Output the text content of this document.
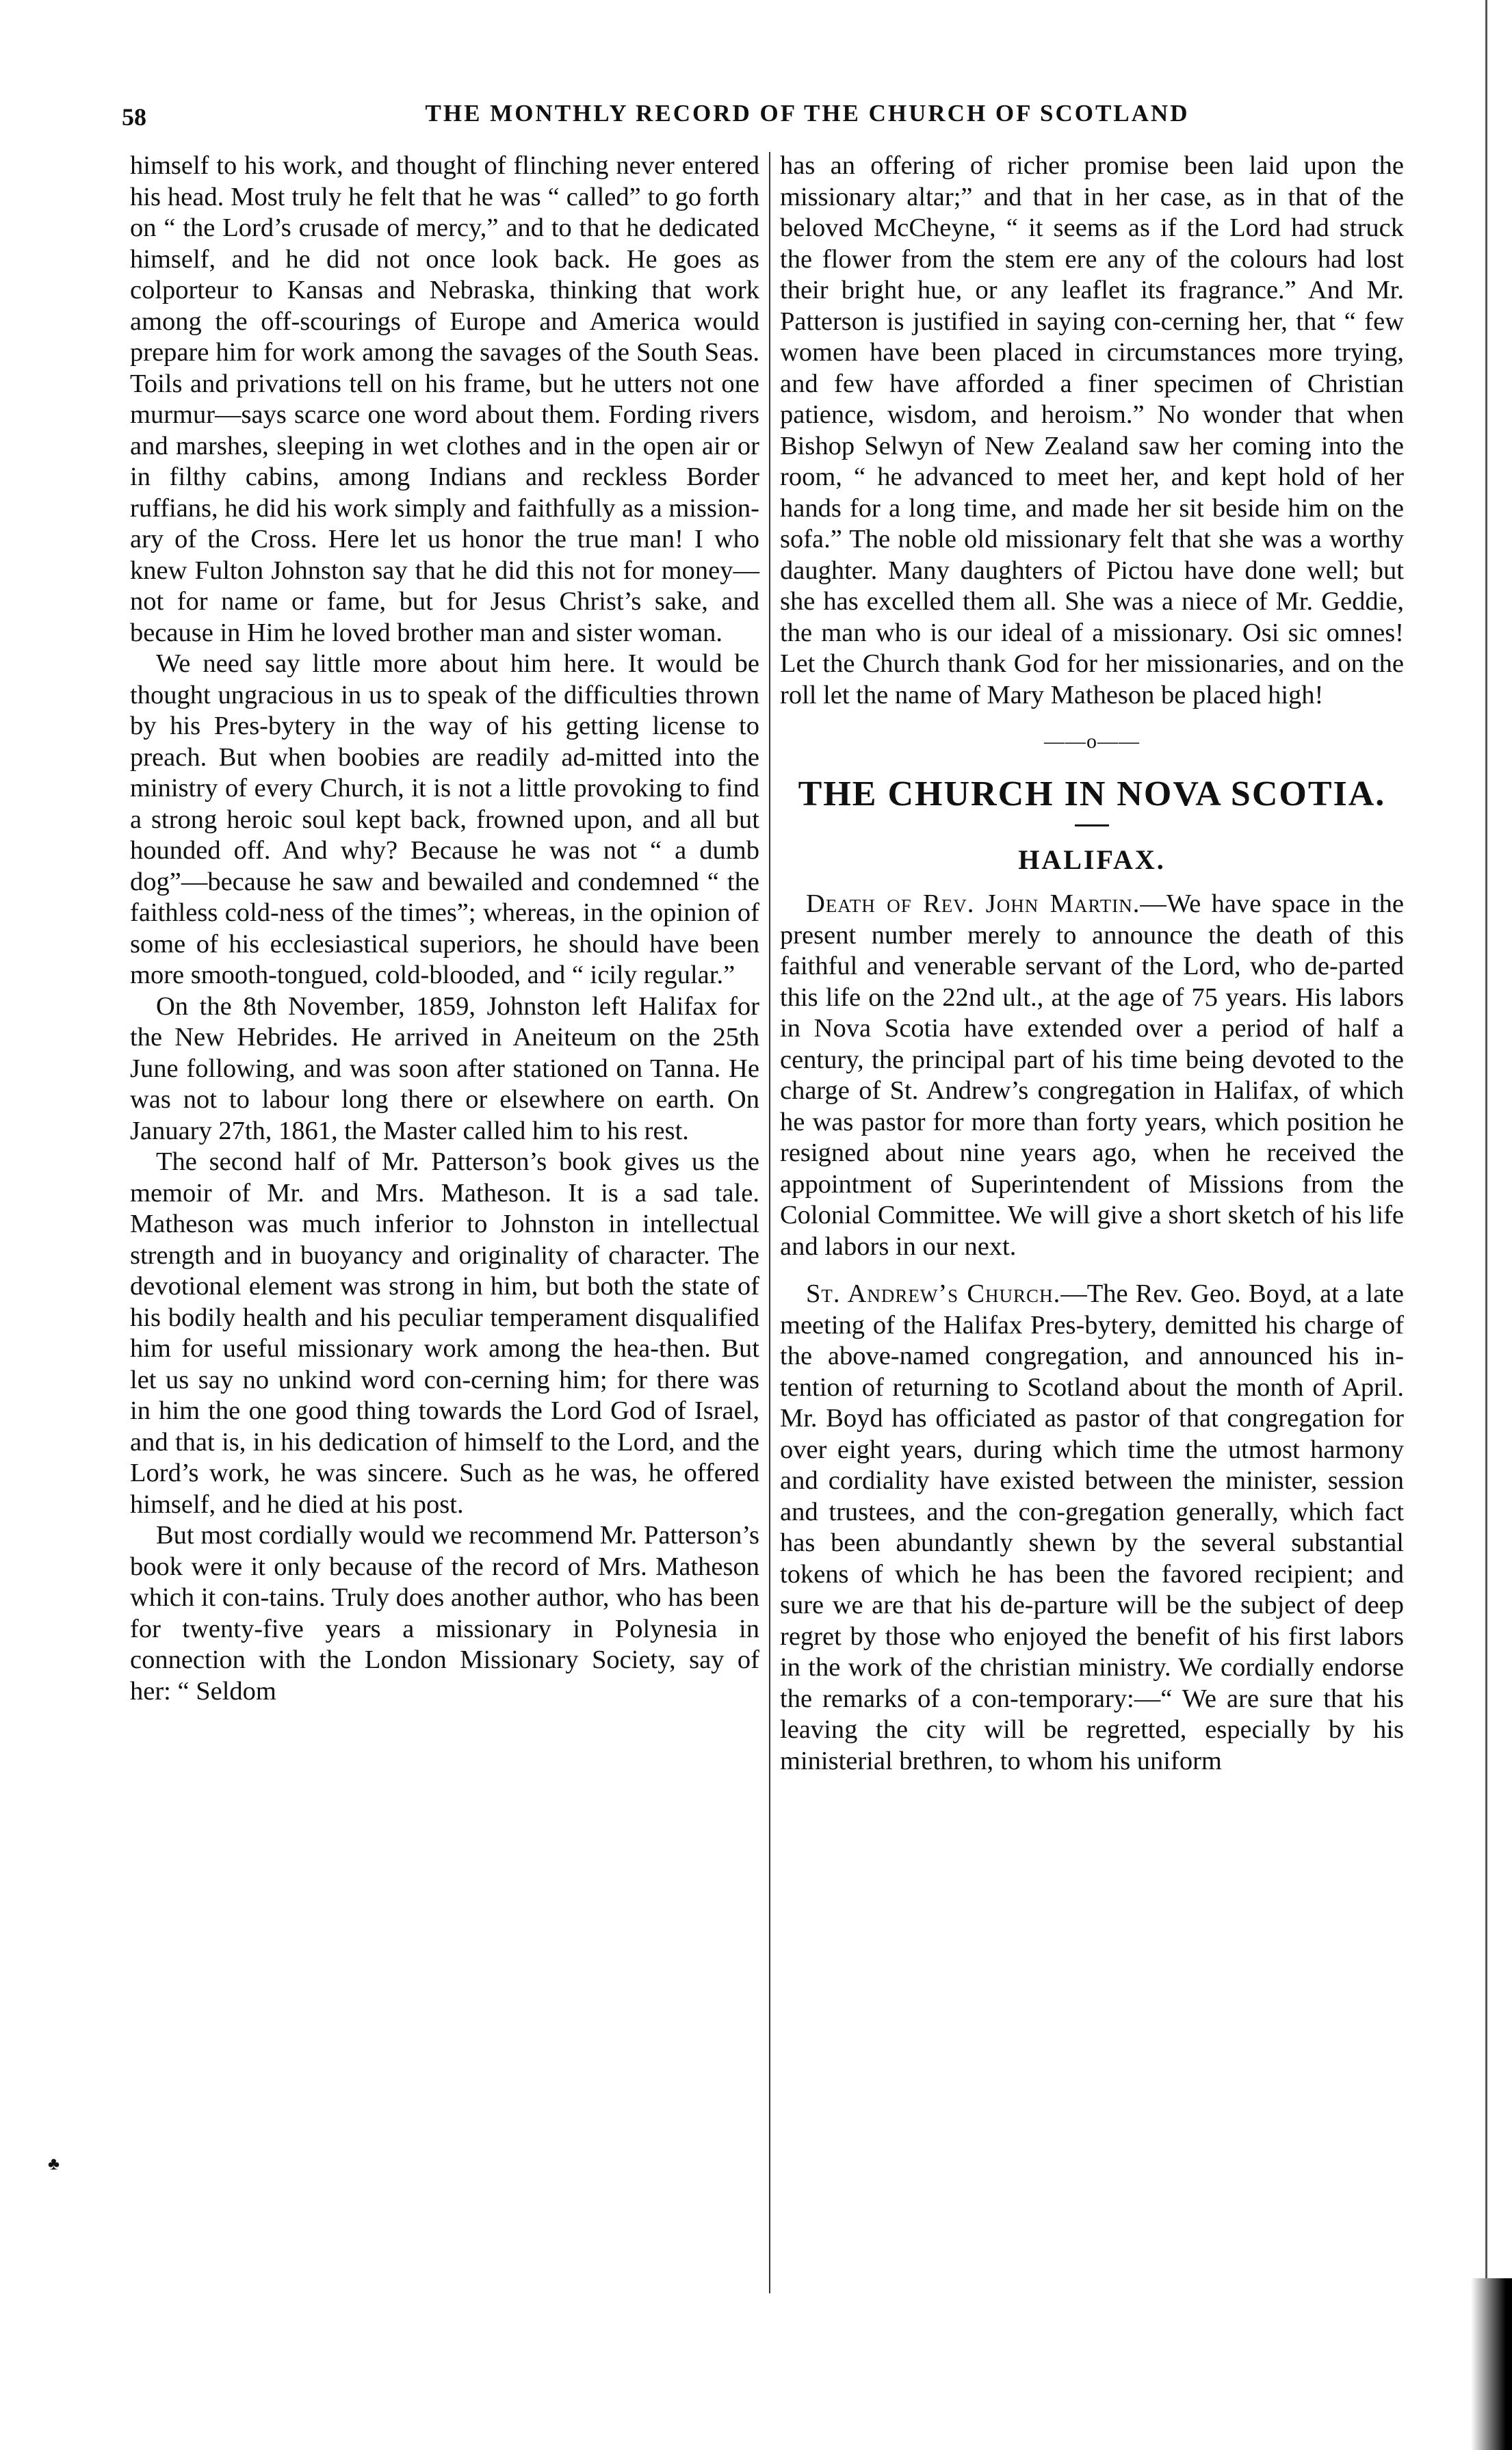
58	THE MONTHLY RECORD OF THE CHURCH OF SCOTLAND

himself to his work, and thought of flinching never entered his head. Most truly he felt that he was “ called” to go forth on “ the Lord’s crusade of mercy,” and to that he dedicated himself, and he did not once look back. He goes as colporteur to Kansas and Nebraska, thinking that work among the off-scourings of Europe and America would prepare him for work among the savages of the South Seas. Toils and privations tell on his frame, but he utters not one murmur—says scarce one word about them. Fording rivers and marshes, sleeping in wet clothes and in the open air or in filthy cabins, among Indians and reckless Border ruffians, he did his work simply and faithfully as a mission-ary of the Cross. Here let us honor the true man! I who knew Fulton Johnston say that he did this not for money—not for name or fame, but for Jesus Christ’s sake, and because in Him he loved brother man and sister woman.

We need say little more about him here. It would be thought ungracious in us to speak of the difficulties thrown by his Pres-bytery in the way of his getting license to preach. But when boobies are readily ad-mitted into the ministry of every Church, it is not a little provoking to find a strong heroic soul kept back, frowned upon, and all but hounded off. And why? Because he was not “ a dumb dog”—because he saw and bewailed and condemned “ the faithless cold-ness of the times”; whereas, in the opinion of some of his ecclesiastical superiors, he should have been more smooth-tongued, cold-blooded, and “ icily regular.”

On the 8th November, 1859, Johnston left Halifax for the New Hebrides. He arrived in Aneiteum on the 25th June following, and was soon after stationed on Tanna. He was not to labour long there or elsewhere on earth. On January 27th, 1861, the Master called him to his rest.

The second half of Mr. Patterson’s book gives us the memoir of Mr. and Mrs. Matheson. It is a sad tale. Matheson was much inferior to Johnston in intellectual strength and in buoyancy and originality of character. The devotional element was strong in him, but both the state of his bodily health and his peculiar temperament disqualified him for useful missionary work among the hea-then. But let us say no unkind word con-cerning him; for there was in him the one good thing towards the Lord God of Israel, and that is, in his dedication of himself to the Lord, and the Lord’s work, he was sincere. Such as he was, he offered himself, and he died at his post.

But most cordially would we recommend Mr. Patterson’s book were it only because of the record of Mrs. Matheson which it con-tains. Truly does another author, who has been for twenty-five years a missionary in Polynesia in connection with the London Missionary Society, say of her: “ Seldom

has an offering of richer promise been laid upon the missionary altar;” and that in her case, as in that of the beloved McCheyne, “ it seems as if the Lord had struck the flower from the stem ere any of the colours had lost their bright hue, or any leaflet its fragrance.” And Mr. Patterson is justified in saying con-cerning her, that “ few women have been placed in circumstances more trying, and few have afforded a finer specimen of Christian patience, wisdom, and heroism.” No wonder that when Bishop Selwyn of New Zealand saw her coming into the room, “ he advanced to meet her, and kept hold of her hands for a long time, and made her sit beside him on the sofa.” The noble old missionary felt that she was a worthy daughter. Many daughters of Pictou have done well; but she has excelled them all. She was a niece of Mr. Geddie, the man who is our ideal of a missionary. Osi sic omnes! Let the Church thank God for her missionaries, and on the roll let the name of Mary Matheson be placed high!

——o——
THE CHURCH IN NOVA SCOTIA.
HALIFAX.

Death of Rev. John Martin.—We have space in the present number merely to announce the death of this faithful and venerable servant of the Lord, who de-parted this life on the 22nd ult., at the age of 75 years. His labors in Nova Scotia have extended over a period of half a century, the principal part of his time being devoted to the charge of St. Andrew’s congregation in Halifax, of which he was pastor for more than forty years, which position he resigned about nine years ago, when he received the appointment of Superintendent of Missions from the Colonial Committee. We will give a short sketch of his life and labors in our next.

St. Andrew’s Church.—The Rev. Geo. Boyd, at a late meeting of the Halifax Pres-bytery, demitted his charge of the above-named congregation, and announced his in-tention of returning to Scotland about the month of April. Mr. Boyd has officiated as pastor of that congregation for over eight years, during which time the utmost harmony and cordiality have existed between the minister, session and trustees, and the con-gregation generally, which fact has been abundantly shewn by the several substantial tokens of which he has been the favored recipient; and sure we are that his de-parture will be the subject of deep regret by those who enjoyed the benefit of his first labors in the work of the christian ministry. We cordially endorse the remarks of a con-temporary:—“ We are sure that his leaving the city will be regretted, especially by his ministerial brethren, to whom his uniform

♣
